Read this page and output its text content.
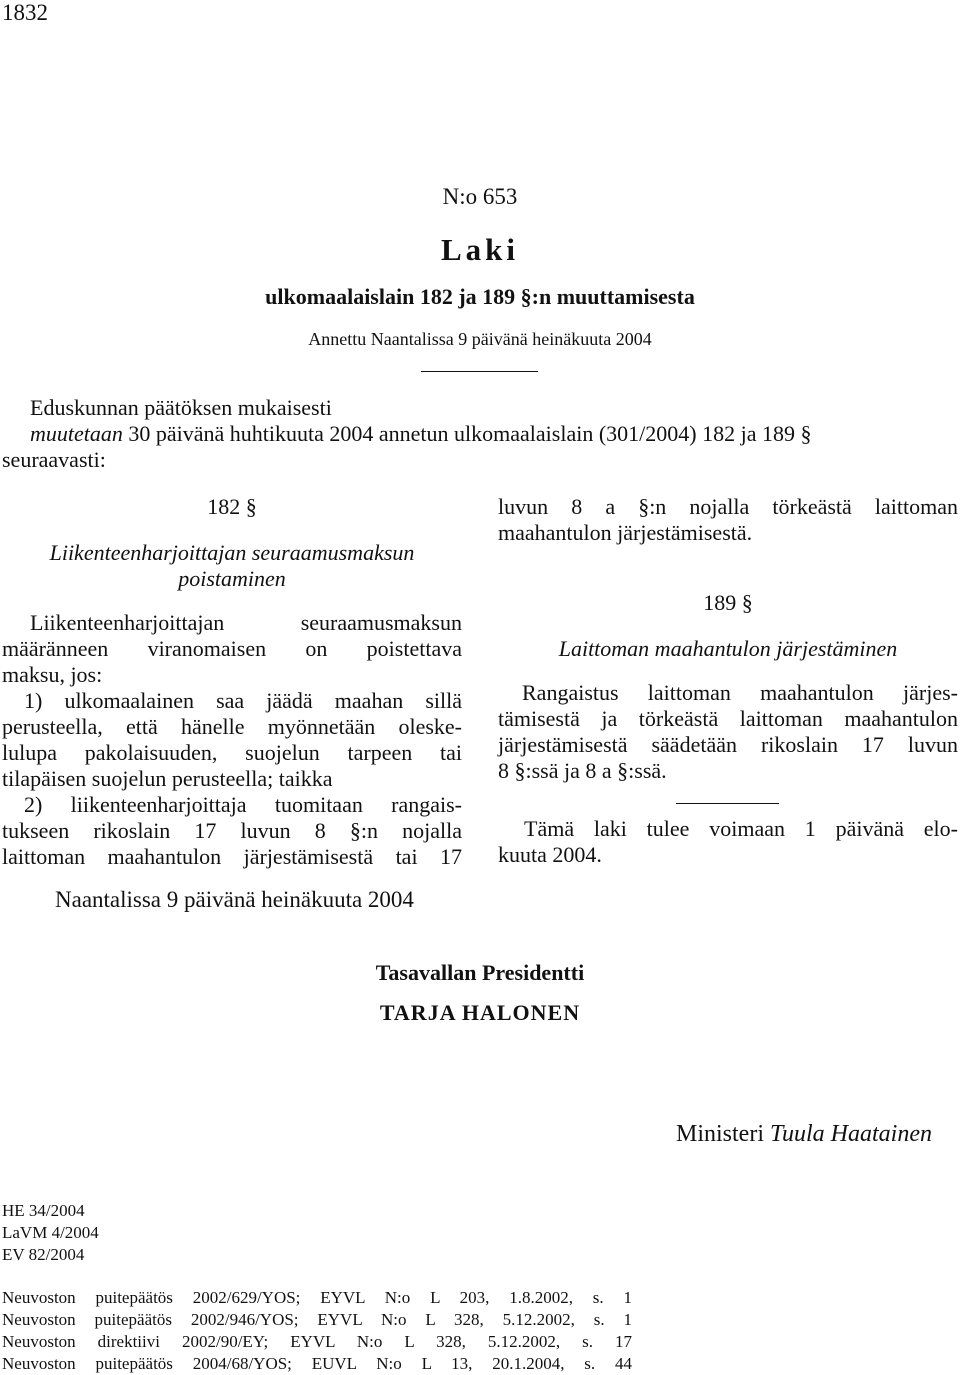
1832
N:o 653
Laki
ulkomaalaislain 182 ja 189 §:n muuttamisesta
Annettu Naantalissa 9 päivänä heinäkuuta 2004
Eduskunnan päätöksen mukaisesti
muutetaan 30 päivänä huhtikuuta 2004 annetun ulkomaalaislain (301/2004) 182 ja 189 §
seuraavasti:
182 §
Liikenteenharjoittajan seuraamusmaksun
poistaminen
Liikenteenharjoittajan seuraamusmaksun
määränneen viranomaisen on poistettava
maksu, jos:
1) ulkomaalainen saa jäädä maahan sillä
perusteella, että hänelle myönnetään oleske-
lulupa pakolaisuuden, suojelun tarpeen tai
tilapäisen suojelun perusteella; taikka
2) liikenteenharjoittaja tuomitaan rangais-
tukseen rikoslain 17 luvun 8 §:n nojalla
laittoman maahantulon järjestämisestä tai 17
luvun 8 a §:n nojalla törkeästä laittoman
maahantulon järjestämisestä.
189 §
Laittoman maahantulon järjestäminen
Rangaistus laittoman maahantulon järjes-
tämisestä ja törkeästä laittoman maahantulon
järjestämisestä säädetään rikoslain 17 luvun
8 §:ssä ja 8 a §:ssä.
Tämä laki tulee voimaan 1 päivänä elo-
kuuta 2004.
Naantalissa 9 päivänä heinäkuuta 2004
Tasavallan Presidentti
TARJA HALONEN
Ministeri Tuula Haatainen
HE 34/2004
LaVM 4/2004
EV 82/2004
Neuvoston puitepäätös 2002/629/YOS; EYVL N:o L 203, 1.8.2002, s. 1
Neuvoston puitepäätös 2002/946/YOS; EYVL N:o L 328, 5.12.2002, s. 1
Neuvoston direktiivi 2002/90/EY; EYVL N:o L 328, 5.12.2002, s. 17
Neuvoston puitepäätös 2004/68/YOS; EUVL N:o L 13, 20.1.2004, s. 44
